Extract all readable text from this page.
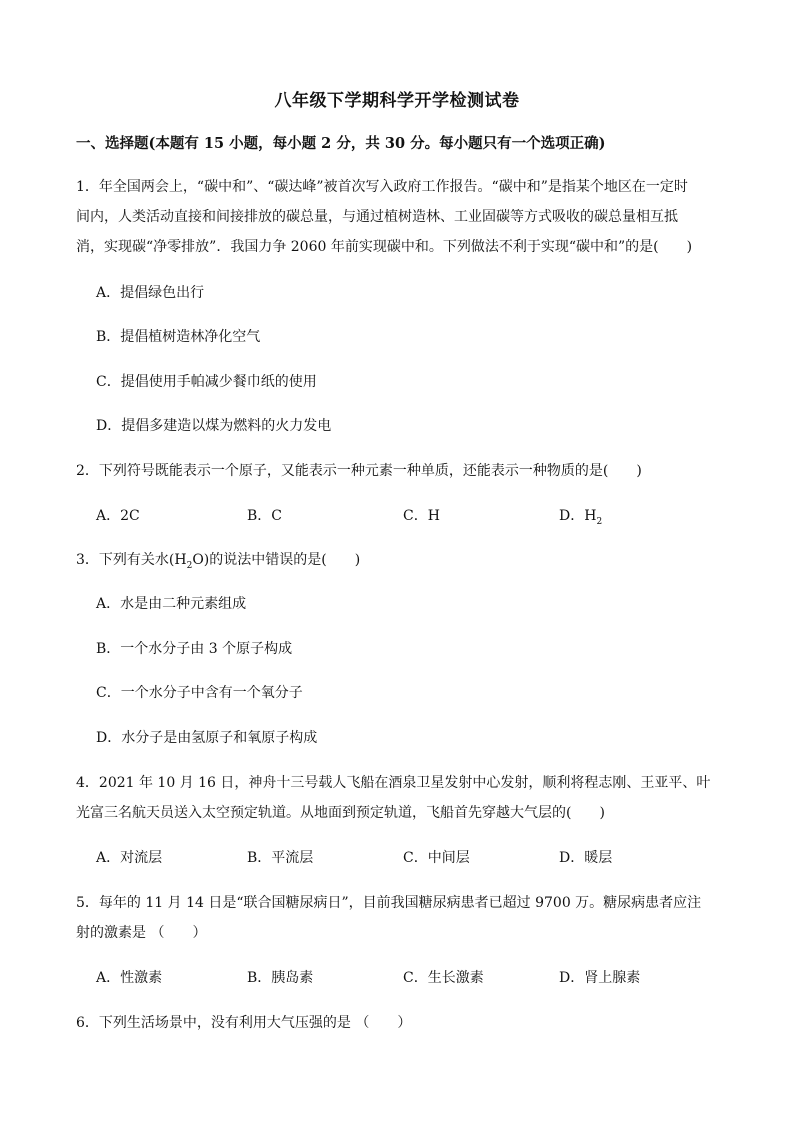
八年级下学期科学开学检测试卷
一、选择题(本题有 15 小题，每小题 2 分，共 30 分。每小题只有一个选项正确)
1．年全国两会上，“碳中和”、“碳达峰”被首次写入政府工作报告。“碳中和”是指某个地区在一定时
间内，人类活动直接和间接排放的碳总量，与通过植树造林、工业固碳等方式吸收的碳总量相互抵
消，实现碳“净零排放”．我国力争 2060 年前实现碳中和。下列做法不利于实现“碳中和”的是(　　)
A．提倡绿色出行
B．提倡植树造林净化空气
C．提倡使用手帕减少餐巾纸的使用
D．提倡多建造以煤为燃料的火力发电
2．下列符号既能表示一个原子，又能表示一种元素一种单质，还能表示一种物质的是(　　)
A．2C	B．C	C．H	D．$H_2$
3．下列有关水$(H_2O)$的说法中错误的是(　　)
A．水是由二种元素组成
B．一个水分子由 3 个原子构成
C．一个水分子中含有一个氧分子
D．水分子是由氢原子和氧原子构成
4．2021 年 10 月 16 日，神舟十三号载人飞船在酒泉卫星发射中心发射，顺利将程志刚、王亚平、叶
光富三名航天员送入太空预定轨道。从地面到预定轨道，飞船首先穿越大气层的(　　)
A．对流层	B．平流层	C．中间层	D．暖层
5．每年的 11 月 14 日是“联合国糖尿病日”，目前我国糖尿病患者已超过 9700 万。糖尿病患者应注
射的激素是 （　　）
A．性激素	B．胰岛素	C．生长激素	D．肾上腺素
6．下列生活场景中，没有利用大气压强的是 （　　）
